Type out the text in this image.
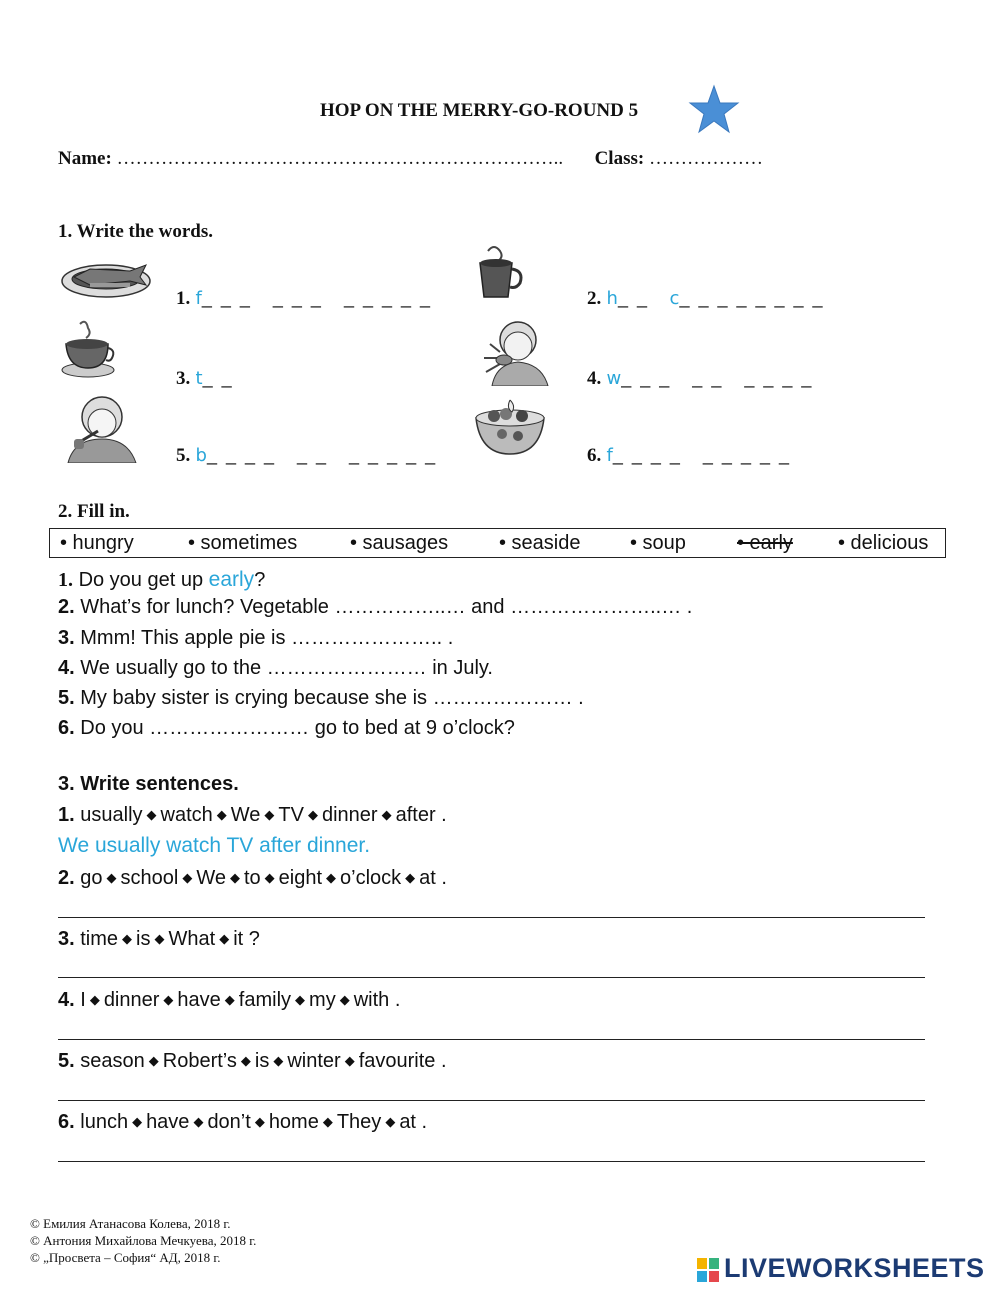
HOP ON THE MERRY-GO-ROUND 5
Name: …………………………………………………………….. Class: ………………
1. Write the words.
1. f_ _ _   _ _ _   _ _ _ _ _	2. h_ _ c_ _ _ _ _ _ _ _
3. t_ _	4. w_ _ _   _ _   _ _ _ _
5. b_ _ _ _   _ _   _ _ _ _ _	6. f_ _ _ _   _ _ _ _ _
2. Fill in.
• hungry	• sometimes	• sausages	• seaside • soup	• early • delicious
1. Do you get up early?
2. What’s for lunch? Vegetable ……………..… and …………………..… .
3. Mmm! This apple pie is ………………….. .
4. We usually go to the …………………… in July.
5. My baby sister is crying because she is ………………… .
6. Do you …………………… go to bed at 9 o’clock?
3. Write sentences.
1. usually ◆ watch ◆ We ◆ TV ◆ dinner ◆ after .
We usually watch TV after dinner.
2. go ◆ school ◆ We ◆ to ◆ eight ◆ o’clock ◆ at .
3. time ◆ is ◆ What ◆ it ?
4. I ◆ dinner ◆ have ◆ family ◆ my ◆ with .
5. season ◆ Robert’s ◆ is ◆ winter ◆ favourite .
6. lunch ◆ have ◆ don’t ◆ home ◆ They ◆ at .
© Емилия Атанасова Колева, 2018 г.
© Антония Михайлова Мечкуева, 2018 г.
© „Просвета – София“ АД, 2018 г.	LIVEWORKSHEETS
